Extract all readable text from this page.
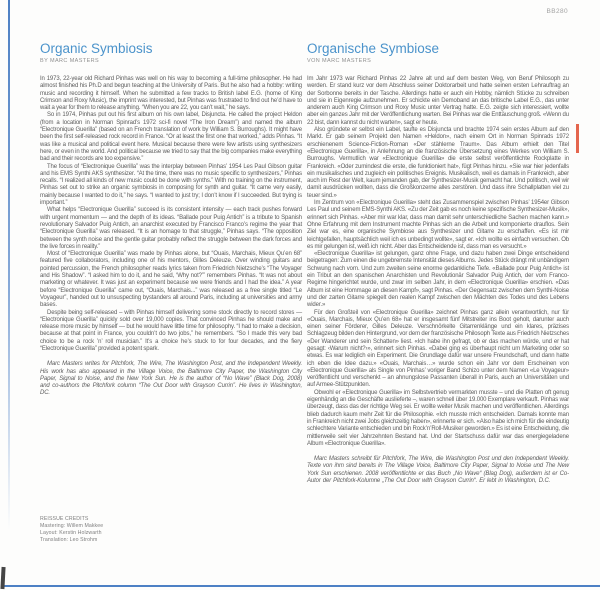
BB280
Organic Symbiosis
BY MARC MASTERS

In 1973, 22-year old Richard Pinhas was well on his way to becoming a full-time philosopher. He had almost finished his Ph.D and begun teaching at the University of Paris. But he also had a hobby: writing music and recording it himself. When he submitted a few tracks to British label E.G. (home of King Crimson and Roxy Music), the imprint was interested, but Pinhas was frustrated to find out he’d have to wait a year for them to release anything. “When you are 22, you can’t wait,” he says.

So in 1974, Pinhas put out his first album on his own label, Disjuncta. He called the project Heldon (from a location in Norman Spinrad’s 1972 sci-fi novel “The Iron Dream”) and named the album “Electronique Guerilla” (based on an French translation of work by William S. Burroughs). It might have been the first self-released rock record in France. “Or at least the first one that worked,” adds Pinhas. “It was like a musical and political event here. Musical because there were few artists using synthesizers here, or even in the world. And political because we tried to say that the big companies make everything bad and their records are too expensive.”

The focus of “Electronique Guerilla” was the interplay between Pinhas’ 1954 Les Paul Gibson guitar and his EMS Synthi AKS synthesizer. “At the time, there was no music specific to synthesizers,” Pinhas recalls. “I realized all kinds of new music could be done with synths.” With no training on the instrument, Pinhas set out to strike an organic symbiosis in composing for synth and guitar. “It came very easily, mainly because I wanted to do it,” he says. “I wanted to just try; I don’t know if I succeeded. But trying is important.”

What helps “Electronique Guerilla” succeed is its consistent intensity — each track pushes forward with urgent momentum — and the depth of its ideas. “Ballade pour Puig Antich” is a tribute to Spanish revolutionary Salvador Puig Antich, an anarchist executed by Francisco Franco’s regime the year that “Electronique Guerilla” was released. “It is an homage to that struggle,” Pinhas says. “The opposition between the synth noise and the gentle guitar probably reflect the struggle between the dark forces and the live forces in reality.”

Most of “Electronique Guerilla” was made by Pinhas alone, but “Ouais, Marchais, Mieux Qu’en 68” featured five collaborators, including one of his mentors, Gilles Deleuze. Over winding guitars and pointed percussion, the French philosopher reads lyrics taken from Friedrich Nietzsche’s “The Voyager and His Shadow”. “I asked him to do it, and he said, ‘Why not?’” remembers Pinhas. “It was not about marketing or whatever. It was just an experiment because we were friends and I had the idea.” A year before “Electronique Guerilla” came out, “Ouais, Marchais...” was released as a free single titled “Le Voyageur”, handed out to unsuspecting bystanders all around Paris, including at universities and army bases.

Despite being self-released – with Pinhas himself delivering some stock directly to record stores — “Electronique Guerilla” quickly sold over 19,000 copies. That convinced Pinhas he should make and release more music by himself — but he would have little time for philosophy. “I had to make a decision, because at that point in France, you couldn’t do two jobs,” he remembers. “So I made this very bad choice to be a rock ’n’ roll musician.” It’s a choice he’s stuck to for four decades, and the fiery “Electronique Guerilla” provided a potent spark.

Marc Masters writes for Pitchfork, The Wire, The Washington Post, and the Independent Weekly. His work has also appeared in the Village Voice, the Baltimore City Paper, the Washington City Paper, Signal to Noise, and the New York Sun. He is the author of “No Wave” (Black Dog, 2008) and co-authors the Pitchfork column “The Out Door with Grayson Currin”. He lives in Washington, DC.

Organische Symbiose
VON MARC MASTERS

Im Jahr 1973 war Richard Pinhas 22 Jahre alt und auf dem besten Weg, von Beruf Philosoph zu werden. Er stand kurz vor dem Abschluss seiner Doktorarbeit und hatte seinen ersten Lehrauftrag an der Sorbonne bereits in der Tasche. Allerdings hatte er auch ein Hobby, nämlich Stücke zu schreiben und sie in Eigenregie aufzunehmen. Er schickte ein Demoband an das britische Label E.G., das unter anderem auch King Crimson und Roxy Music unter Vertrag hatte. E.G. zeigte sich interessiert, wollte aber ein ganzes Jahr mit der Veröffentlichung warten. Bei Pinhas war die Enttäuschung groß. «Wenn du 22 bist, dann kannst du nicht warten», sagt er heute.

Also gründete er selbst ein Label, taufte es Disjuncta und brachte 1974 sein erstes Album auf den Markt. Er gab seinem Projekt den Namen «Heldon», nach einem Ort in Norman Spinrads 1972 erschienenem Science-Fiction-Roman «Der stählerne Traum». Das Album erhielt den Titel «Electronique Guerilla», in Anlehnung an die französische Übersetzung eines Werkes von William S. Burroughs. Vermutlich war «Electronique Guerilla» die erste selbst veröffentlichte Rockplatte in Frankreich. «Oder zumindest die erste, die funktioniert hat», fügt Pinhas hinzu. «Sie war hier jedenfalls ein musikalisches und zugleich ein politisches Ereignis. Musikalisch, weil es damals in Frankreich, aber auch im Rest der Welt, kaum jemanden gab, der Synthesizer-Musik gemacht hat. Und politisch, weil wir damit ausdrücken wollten, dass die Großkonzerne alles zerstören. Und dass ihre Schallplatten viel zu teuer sind.»

Im Zentrum von «Electronique Guerilla» steht das Zusammenspiel zwischen Pinhas’ 1954er Gibson Les Paul und seinem EMS-Synthi AKS. «Zu der Zeit gab es noch keine spezifische Synthesizer-Musik», erinnert sich Pinhas. «Aber mir war klar, dass man damit sehr unterschiedliche Sachen machen kann.» Ohne Erfahrung mit dem Instrument machte Pinhas sich an die Arbeit und komponierte drauflos. Sein Ziel war es, eine organische Symbiose aus Synthesizer und Gitarre zu erschaffen. «Es ist mir leichtgefallen, hauptsächlich weil ich es unbedingt wollte», sagt er. «Ich wollte es einfach versuchen. Ob es mir gelungen ist, weiß ich nicht. Aber das Entscheidende ist, dass man es versucht.»

«Electronique Guerilla» ist gelungen, ganz ohne Frage, und dazu haben zwei Dinge entscheidend beigetragen: Zum einen die ungebremste Intensität dieses Albums. Jedes Stück drängt mit unbändigem Schwung nach vorn. Und zum zweiten seine enorme gedankliche Tiefe. «Ballade pour Puig Antich» ist ein Tribut an den spanischen Anarchisten und Revolutionär Salvador Puig Antich, der vom Franco-Regime hingerichtet wurde, und zwar im selben Jahr, in dem «Electronique Guerilla» erschien. «Das Album ist eine Hommage an diesen Kampf», sagt Pinhas. «Der Gegensatz zwischen dem Synthi-Noise und der zarten Gitarre spiegelt den realen Kampf zwischen den Mächten des Todes und des Lebens wider.»

Für den Großteil von «Electronique Guerilla» zeichnet Pinhas ganz allein verantwortlich, nur für «Ouais, Marchais, Mieux Qu’en 68» hat er insgesamt fünf Mitstreiter ins Boot geholt, darunter auch einen seiner Förderer, Gilles Deleuze. Verschnörkelte Gitarrenklänge und ein klares, präzises Schlagzeug bilden den Hintergrund, vor dem der französische Philosoph Texte aus Friedrich Nietzsches «Der Wanderer und sein Schatten» liest. «Ich habe ihn gefragt, ob er das machen würde, und er hat gesagt: ‹Warum nicht?›», erinnert sich Pinhas. «Dabei ging es überhaupt nicht um Marketing oder so etwas. Es war lediglich ein Experiment. Die Grundlage dafür war unsere Freundschaft, und dann hatte ich eben die Idee dazu.» «Ouais, Marchais…» wurde schon ein Jahr vor dem Erscheinen von «Electronique Guerilla» als Single von Pinhas’ voriger Band Schizo unter dem Namen «Le Voyageur» veröffentlicht und verschenkt – an ahnungslose Passanten überall in Paris, auch an Universitäten und auf Armee-Stützpunkten.

Obwohl er «Electronique Guerilla» im Selbstvertrieb vermarkten musste – und die Platten oft genug eigenhändig an die Geschäfte auslieferte –, waren schnell über 19.000 Exemplare verkauft. Pinhas war überzeugt, dass das der richtige Weg sei. Er wollte weiter Musik machen und veröffentlichen. Allerdings blieb dadurch kaum mehr Zeit für die Philosophie. «Ich musste mich entscheiden. Damals konnte man in Frankreich nicht zwei Jobs gleichzeitig haben», erinnerte er sich. «Also habe ich mich für die eindeutig schlechtere Variante entschieden und bin Rock’n’Roll-Musiker geworden.» Es ist eine Entscheidung, die mittlerweile seit vier Jahrzehnten Bestand hat. Und der Startschuss dafür war das energiegeladene Album «Electronique Guerilla».

Marc Masters schreibt für Pitchfork, The Wire, die Washington Post und den Independent Weekly. Texte von ihm sind bereits in The Village Voice, Baltimore City Paper, Signal to Noise und The New York Sun erschienen. 2008 veröffentlichte er das Buch „No Wave“ (Blag Dog), außerdem ist er Co-Autor der Pitchfork-Kolumne „The Out Door with Grayson Currin“. Er lebt in Washington, D.C.

REISSUE CREDITS
Mastering: Willem Makkee
Layout: Kerstin Holzwarth
Translation: Leo Strohm
